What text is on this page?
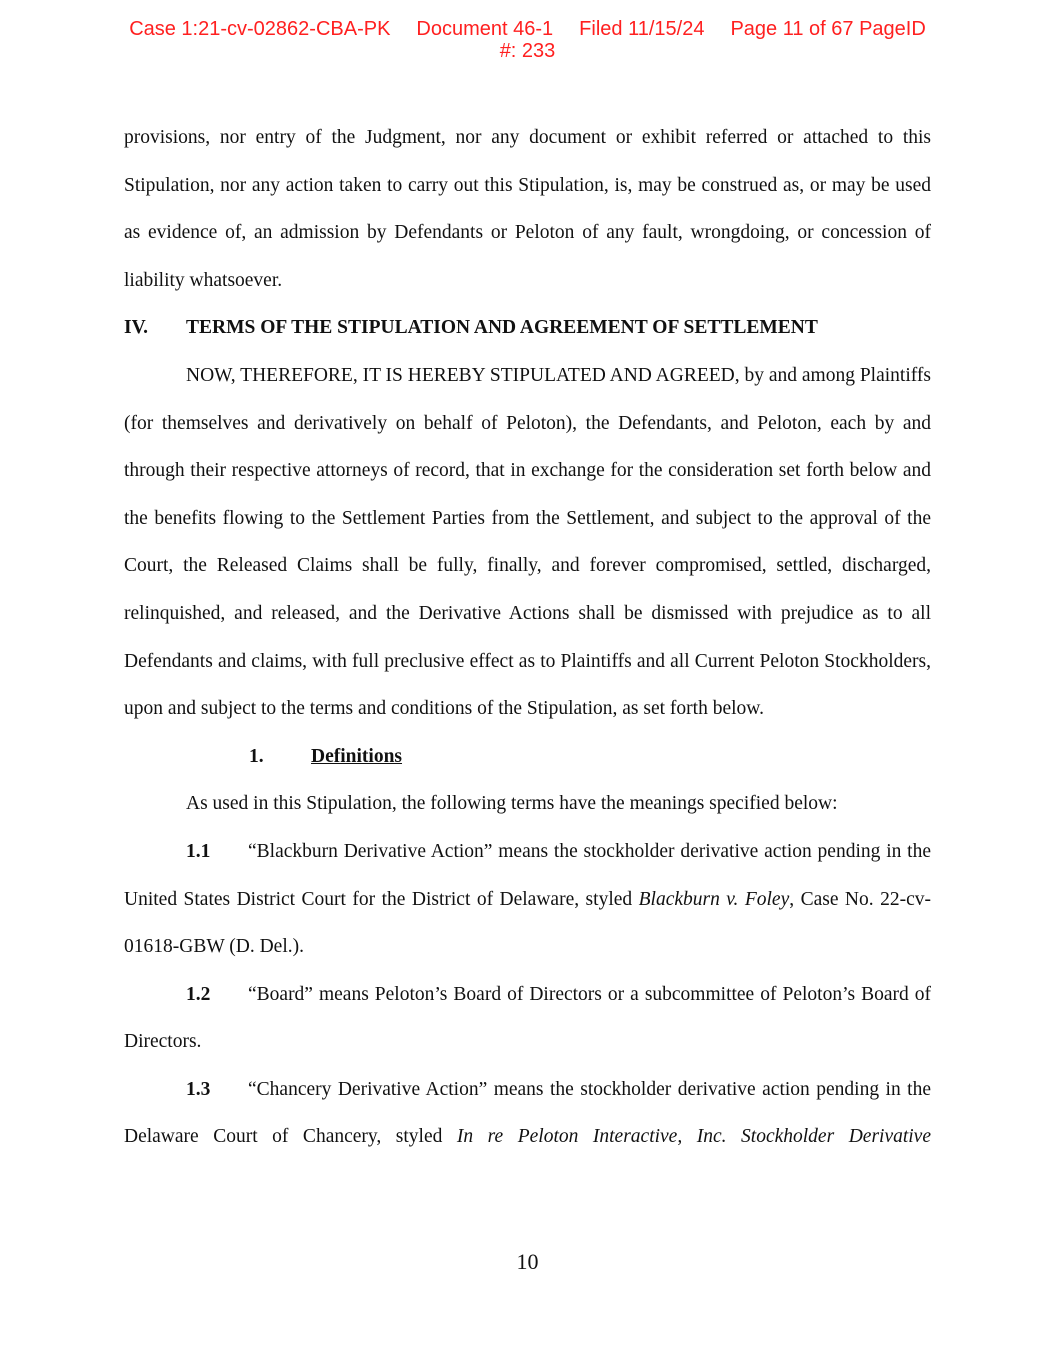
Case 1:21-cv-02862-CBA-PK Document 46-1 Filed 11/15/24 Page 11 of 67 PageID
#: 233

provisions, nor entry of the Judgment, nor any document or exhibit referred or attached to this Stipulation, nor any action taken to carry out this Stipulation, is, may be construed as, or may be used as evidence of, an admission by Defendants or Peloton of any fault, wrongdoing, or concession of liability whatsoever.

IV.	TERMS OF THE STIPULATION AND AGREEMENT OF SETTLEMENT

NOW, THEREFORE, IT IS HEREBY STIPULATED AND AGREED, by and among Plaintiffs (for themselves and derivatively on behalf of Peloton), the Defendants, and Peloton, each by and through their respective attorneys of record, that in exchange for the consideration set forth below and the benefits flowing to the Settlement Parties from the Settlement, and subject to the approval of the Court, the Released Claims shall be fully, finally, and forever compromised, settled, discharged, relinquished, and released, and the Derivative Actions shall be dismissed with prejudice as to all Defendants and claims, with full preclusive effect as to Plaintiffs and all Current Peloton Stockholders, upon and subject to the terms and conditions of the Stipulation, as set forth below.

1. Definitions

As used in this Stipulation, the following terms have the meanings specified below:

1.1 “Blackburn Derivative Action” means the stockholder derivative action pending in the United States District Court for the District of Delaware, styled Blackburn v. Foley, Case No. 22-cv-01618-GBW (D. Del.).

1.2 “Board” means Peloton’s Board of Directors or a subcommittee of Peloton’s Board of Directors.

1.3 “Chancery Derivative Action” means the stockholder derivative action pending in the Delaware Court of Chancery, styled In re Peloton Interactive, Inc. Stockholder Derivative

10
